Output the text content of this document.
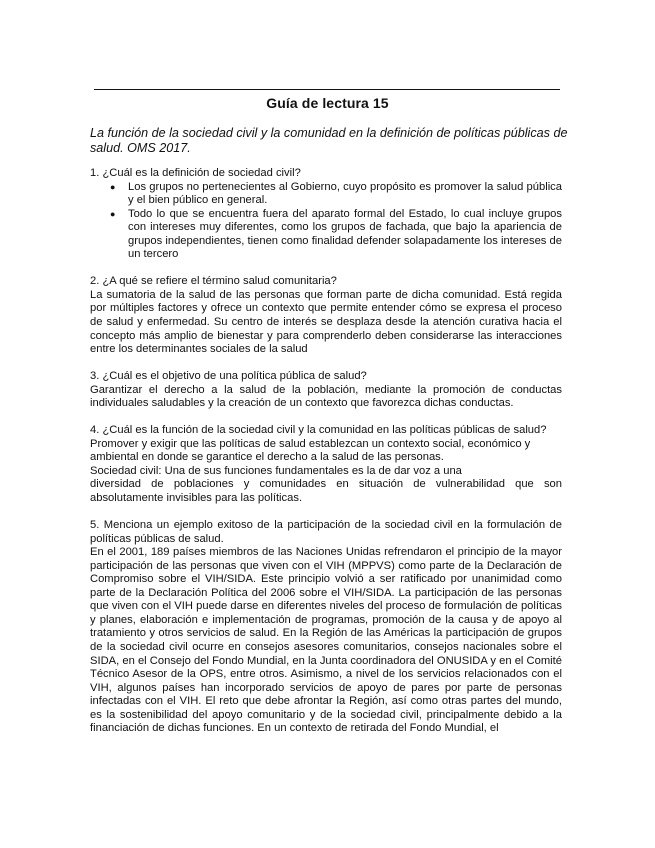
Guía de lectura 15
La función de la sociedad civil y la comunidad en la definición de políticas públicas de salud. OMS 2017.

1. ¿Cuál es la definición de sociedad civil?

● Los grupos no pertenecientes al Gobierno, cuyo propósito es promover la salud pública y el bien público en general.
● Todo lo que se encuentra fuera del aparato formal del Estado, lo cual incluye grupos con intereses muy diferentes, como los grupos de fachada, que bajo la apariencia de grupos independientes, tienen como finalidad defender solapadamente los intereses de un tercero

2. ¿A qué se refiere el término salud comunitaria?

La sumatoria de la salud de las personas que forman parte de dicha comunidad. Está regida por múltiples factores y ofrece un contexto que permite entender cómo se expresa el proceso de salud y enfermedad. Su centro de interés se desplaza desde la atención curativa hacia el concepto más amplio de bienestar y para comprenderlo deben considerarse las interacciones entre los determinantes sociales de la salud

3. ¿Cuál es el objetivo de una política pública de salud?

Garantizar el derecho a la salud de la población, mediante la promoción de conductas individuales saludables y la creación de un contexto que favorezca dichas conductas.

4. ¿Cuál es la función de la sociedad civil y la comunidad en las políticas públicas de salud?

Promover y exigir que las políticas de salud establezcan un contexto social, económico y ambiental en donde se garantice el derecho a la salud de las personas.

Sociedad civil: Una de sus funciones fundamentales es la de dar voz a una

diversidad de poblaciones y comunidades en situación de vulnerabilidad que son absolutamente invisibles para las políticas.

5. Menciona un ejemplo exitoso de la participación de la sociedad civil en la formulación de políticas públicas de salud.

En el 2001, 189 países miembros de las Naciones Unidas refrendaron el principio de la mayor participación de las personas que viven con el VIH (MPPVS) como parte de la Declaración de Compromiso sobre el VIH/SIDA. Este principio volvió a ser ratificado por unanimidad como parte de la Declaración Política del 2006 sobre el VIH/SIDA. La participación de las personas que viven con el VIH puede darse en diferentes niveles del proceso de formulación de políticas y planes, elaboración e implementación de programas, promoción de la causa y de apoyo al tratamiento y otros servicios de salud. En la Región de las Américas la participación de grupos de la sociedad civil ocurre en consejos asesores comunitarios, consejos nacionales sobre el SIDA, en el Consejo del Fondo Mundial, en la Junta coordinadora del ONUSIDA y en el Comité Técnico Asesor de la OPS, entre otros. Asimismo, a nivel de los servicios relacionados con el VIH, algunos países han incorporado servicios de apoyo de pares por parte de personas infectadas con el VIH. El reto que debe afrontar la Región, así como otras partes del mundo, es la sostenibilidad del apoyo comunitario y de la sociedad civil, principalmente debido a la financiación de dichas funciones. En un contexto de retirada del Fondo Mundial, el
